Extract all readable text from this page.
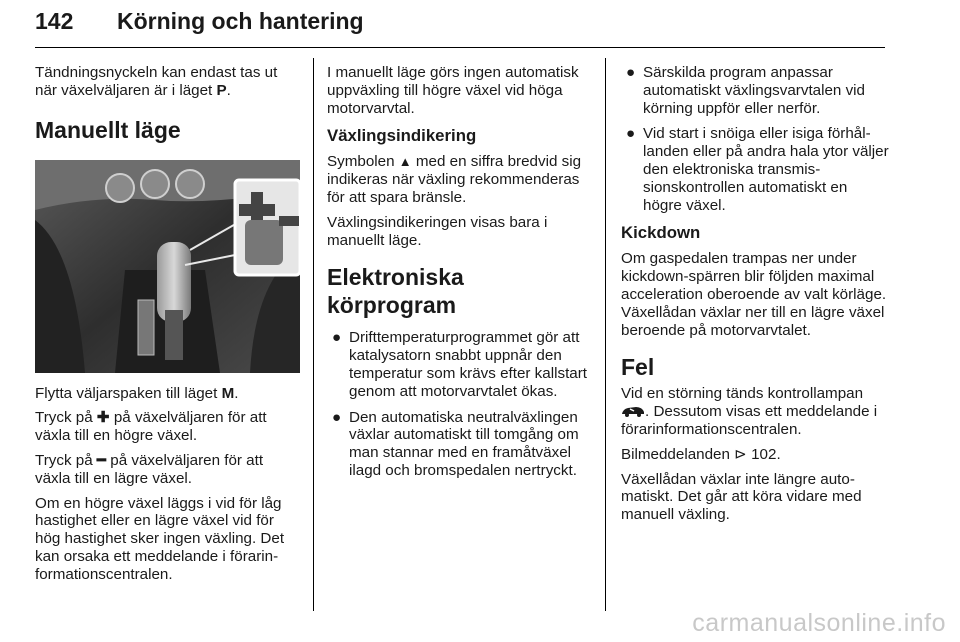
142 Körning och hantering

Tändningsnyckeln kan endast tas ut när växelväljaren är i läget P.

Manuellt läge

Flytta väljarspaken till läget M.

Tryck på ✚ på växelväljaren för att växla till en högre växel.

Tryck på ━ på växelväljaren för att växla till en lägre växel.

Om en högre växel läggs i vid för låg hastighet eller en lägre växel vid för hög hastighet sker ingen växling. Det kan orsaka ett meddelande i förarinformationscentralen.

I manuellt läge görs ingen automatisk uppväxling till högre växel vid höga motorvarvtal.

Växlingsindikering

Symbolen ▲ med en siffra bredvid sig indikeras när växling rekommenderas för att spara bränsle.

Växlingsindikeringen visas bara i manuellt läge.

Elektroniska körprogram
● Drifttemperaturprogrammet gör att katalysatorn snabbt uppnår den temperatur som krävs efter kallstart genom att motorvarvtalet ökas.
● Den automatiska neutralväxlingen växlar automatiskt till tomgång om man stannar med en framåtväxel ilagd och bromspedalen nertryckt.
● Särskilda program anpassar automatiskt växlingsvarvtalen vid körning uppför eller nerför.
● Vid start i snöiga eller isiga förhållanden eller på andra hala ytor väljer den elektroniska transmissionskontrollen automatiskt en högre växel.
Kickdown

Om gaspedalen trampas ner under kickdown-spärren blir följden maximal acceleration oberoende av valt körläge. Växellådan växlar ner till en lägre växel beroende på motorvarvtalet.

Fel

Vid en störning tänds kontrollampan . Dessutom visas ett meddelande i förarinformationscentralen.

Bilmeddelanden ⊳ 102.

Växellådan växlar inte längre automatiskt. Det går att köra vidare med manuell växling.

carmanualsonline.info
